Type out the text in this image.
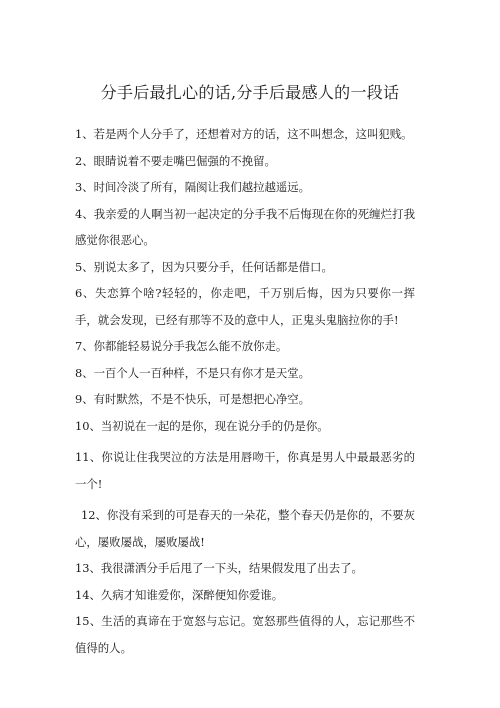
分手后最扎心的话,分手后最感人的一段话
1、若是两个人分手了，还想着对方的话，这不叫想念，这叫犯贱。
2、眼睛说着不要走嘴巴倔强的不挽留。
3、时间冷淡了所有，隔阂让我们越拉越遥远。
4、我亲爱的人啊当初一起决定的分手我不后悔现在你的死缠烂打我感觉你很恶心。
5、别说太多了，因为只要分手，任何话都是借口。
6、失恋算个啥?轻轻的，你走吧，千万别后悔，因为只要你一挥手，就会发现，已经有那等不及的意中人，正鬼头鬼脑拉你的手!
7、你都能轻易说分手我怎么能不放你走。
8、一百个人一百种样，不是只有你才是天堂。
9、有时默然，不是不快乐，可是想把心净空。
10、当初说在一起的是你，现在说分手的仍是你。
11、你说让住我哭泣的方法是用唇吻干，你真是男人中最最恶劣的一个!
12、你没有采到的可是春天的一朵花，整个春天仍是你的，不要灰心，屡败屡战，屡败屡战!
13、我很潇洒分手后甩了一下头，结果假发甩了出去了。
14、久病才知谁爱你，深醉便知你爱谁。
15、生活的真谛在于宽怒与忘记。宽怒那些值得的人，忘记那些不值得的人。
